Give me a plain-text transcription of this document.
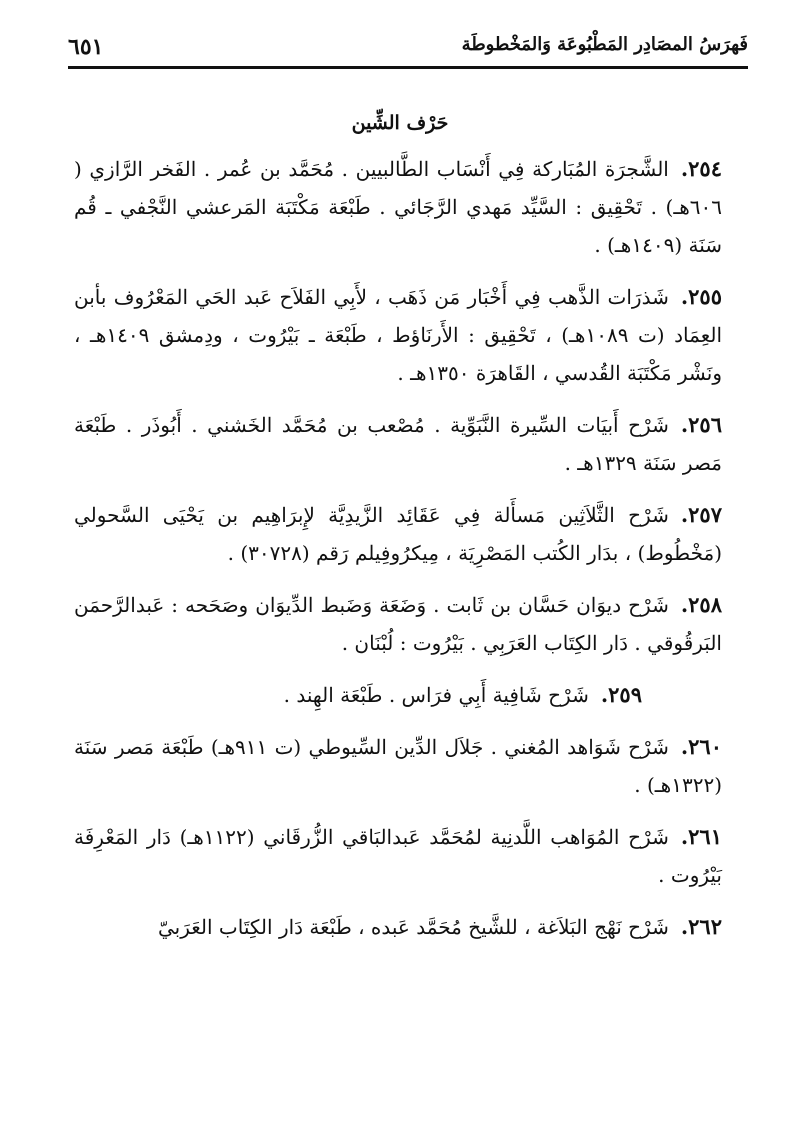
فَهرَسُ المصَادِر المَطْبُوعَة وَالمَخْطوطَة
٦٥١
حَرْف الشِّين

٢٥٤.الشَّجرَة المُبَاركة فِي أَنْسَاب الطَّالبيين . مُحَمَّد بن عُمر . الفَخر الرَّازي ( ٦٠٦هـ) . تَحْقِيق : السَّيِّد مَهدي الرَّجَائي . طَبْعَة مَكْتَبَة المَرعشي النَّجْفي ـ قُم سَنَة (١٤٠٩هـ) .

٢٥٥.شَذرَات الذَّهب فِي أَخْبَار مَن ذَهَب ، لأَبِي الفَلاَح عَبد الحَي المَعْرُوف بأبن العِمَاد (ت ١٠٨٩هـ) ، تَحْقِيق : الأَرنَاؤط ، طَبْعَة ـ بَيْرُوت ، ودِمشق ١٤٠٩هـ ، ونَشْر مَكْتَبَة القُدسي ، القَاهرَة ١٣٥٠هـ .

٢٥٦.شَرْح أَبيَات السِّيرة النَّبَوِّية . مُصْعب بن مُحَمَّد الخَشني . أَبُوذَر . طَبْعَة مَصر سَنَة ١٣٢٩هـ .

٢٥٧.شَرْح الثَّلاَثِين مَسأَلة فِي عَقَائِد الزَّيدِيَّة لإِبرَاهِيم بن يَحْيَى السَّحولي (مَخْطُوط) ، بدَار الكُتب المَصْرِيَة ، مِيكرُوفِيلم رَقم (٣٠٧٢٨) .

٢٥٨.شَرْح ديوَان حَسَّان بن ثَابت . وَضَعَة وَضَبط الدِّيوَان وصَحَحه : عَبدالرَّحمَن البَرقُوقي . دَار الكِتَاب العَرَبِي . بَيْرُوت : لُبْنَان .

٢٥٩.شَرْح شَافِية أَبِي فرَاس . طَبْعَة الهِند .

٢٦٠.شَرْح شَوَاهد المُغني . جَلاَل الدِّين السِّيوطي (ت ٩١١هـ) طَبْعَة مَصر سَنَة (١٣٢٢هـ) .

٢٦١.شَرْح المُوَاهب اللَّدنِية لمُحَمَّد عَبدالبَاقي الزُّرقَاني (١١٢٢هـ) دَار المَعْرِفَة بَيْرُوت .

٢٦٢.شَرْح نَهْج البَلاَغة ، للشَّيخ مُحَمَّد عَبده ، طَبْعَة دَار الكِتَاب العَرَبيّ
